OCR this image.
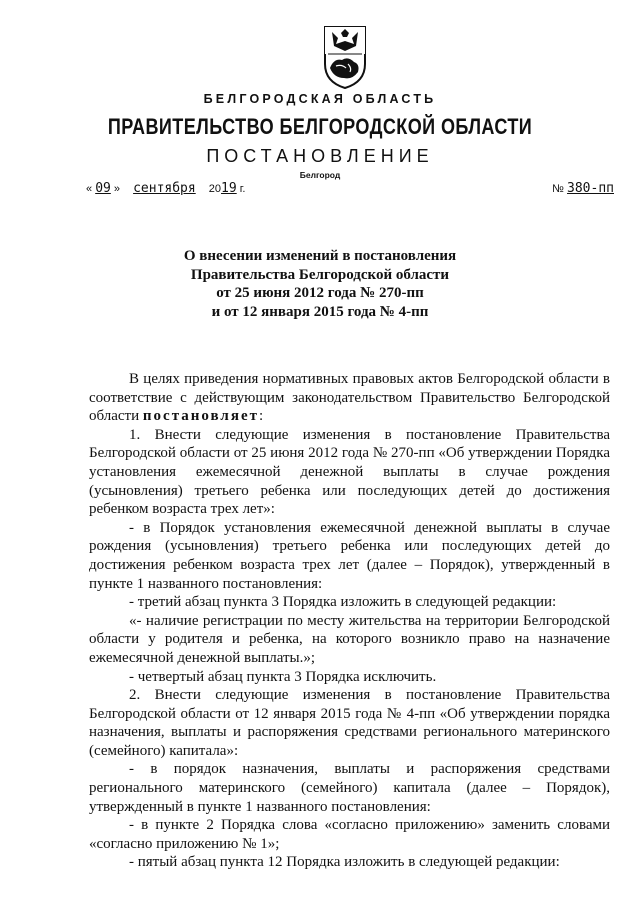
БЕЛГОРОДСКАЯ ОБЛАСТЬ
ПРАВИТЕЛЬСТВО БЕЛГОРОДСКОЙ ОБЛАСТИ
ПОСТАНОВЛЕНИЕ
Белгород
« 09 » сентября 2019 г.	№ 380-пп
О внесении изменений в постановления
Правительства Белгородской области
от 25 июня 2012 года № 270-пп
и от 12 января 2015 года № 4-пп

В целях приведения нормативных правовых актов Белгородской области в соответствие с действующим законодательством Правительство Белгородской области постановляет:

1. Внести следующие изменения в постановление Правительства Белгородской области от 25 июня 2012 года № 270-пп «Об утверждении Порядка установления ежемесячной денежной выплаты в случае рождения (усыновления) третьего ребенка или последующих детей до достижения ребенком возраста трех лет»:

- в Порядок установления ежемесячной денежной выплаты в случае рождения (усыновления) третьего ребенка или последующих детей до достижения ребенком возраста трех лет (далее – Порядок), утвержденный в пункте 1 названного постановления:

- третий абзац пункта 3 Порядка изложить в следующей редакции:

«- наличие регистрации по месту жительства на территории Белгородской области у родителя и ребенка, на которого возникло право на назначение ежемесячной денежной выплаты.»;

- четвертый абзац пункта 3 Порядка исключить.

2. Внести следующие изменения в постановление Правительства Белгородской области от 12 января 2015 года № 4-пп «Об утверждении порядка назначения, выплаты и распоряжения средствами регионального материнского (семейного) капитала»:

- в порядок назначения, выплаты и распоряжения средствами регионального материнского (семейного) капитала (далее – Порядок), утвержденный в пункте 1 названного постановления:

- в пункте 2 Порядка слова «согласно приложению» заменить словами «согласно приложению № 1»;

- пятый абзац пункта 12 Порядка изложить в следующей редакции:
